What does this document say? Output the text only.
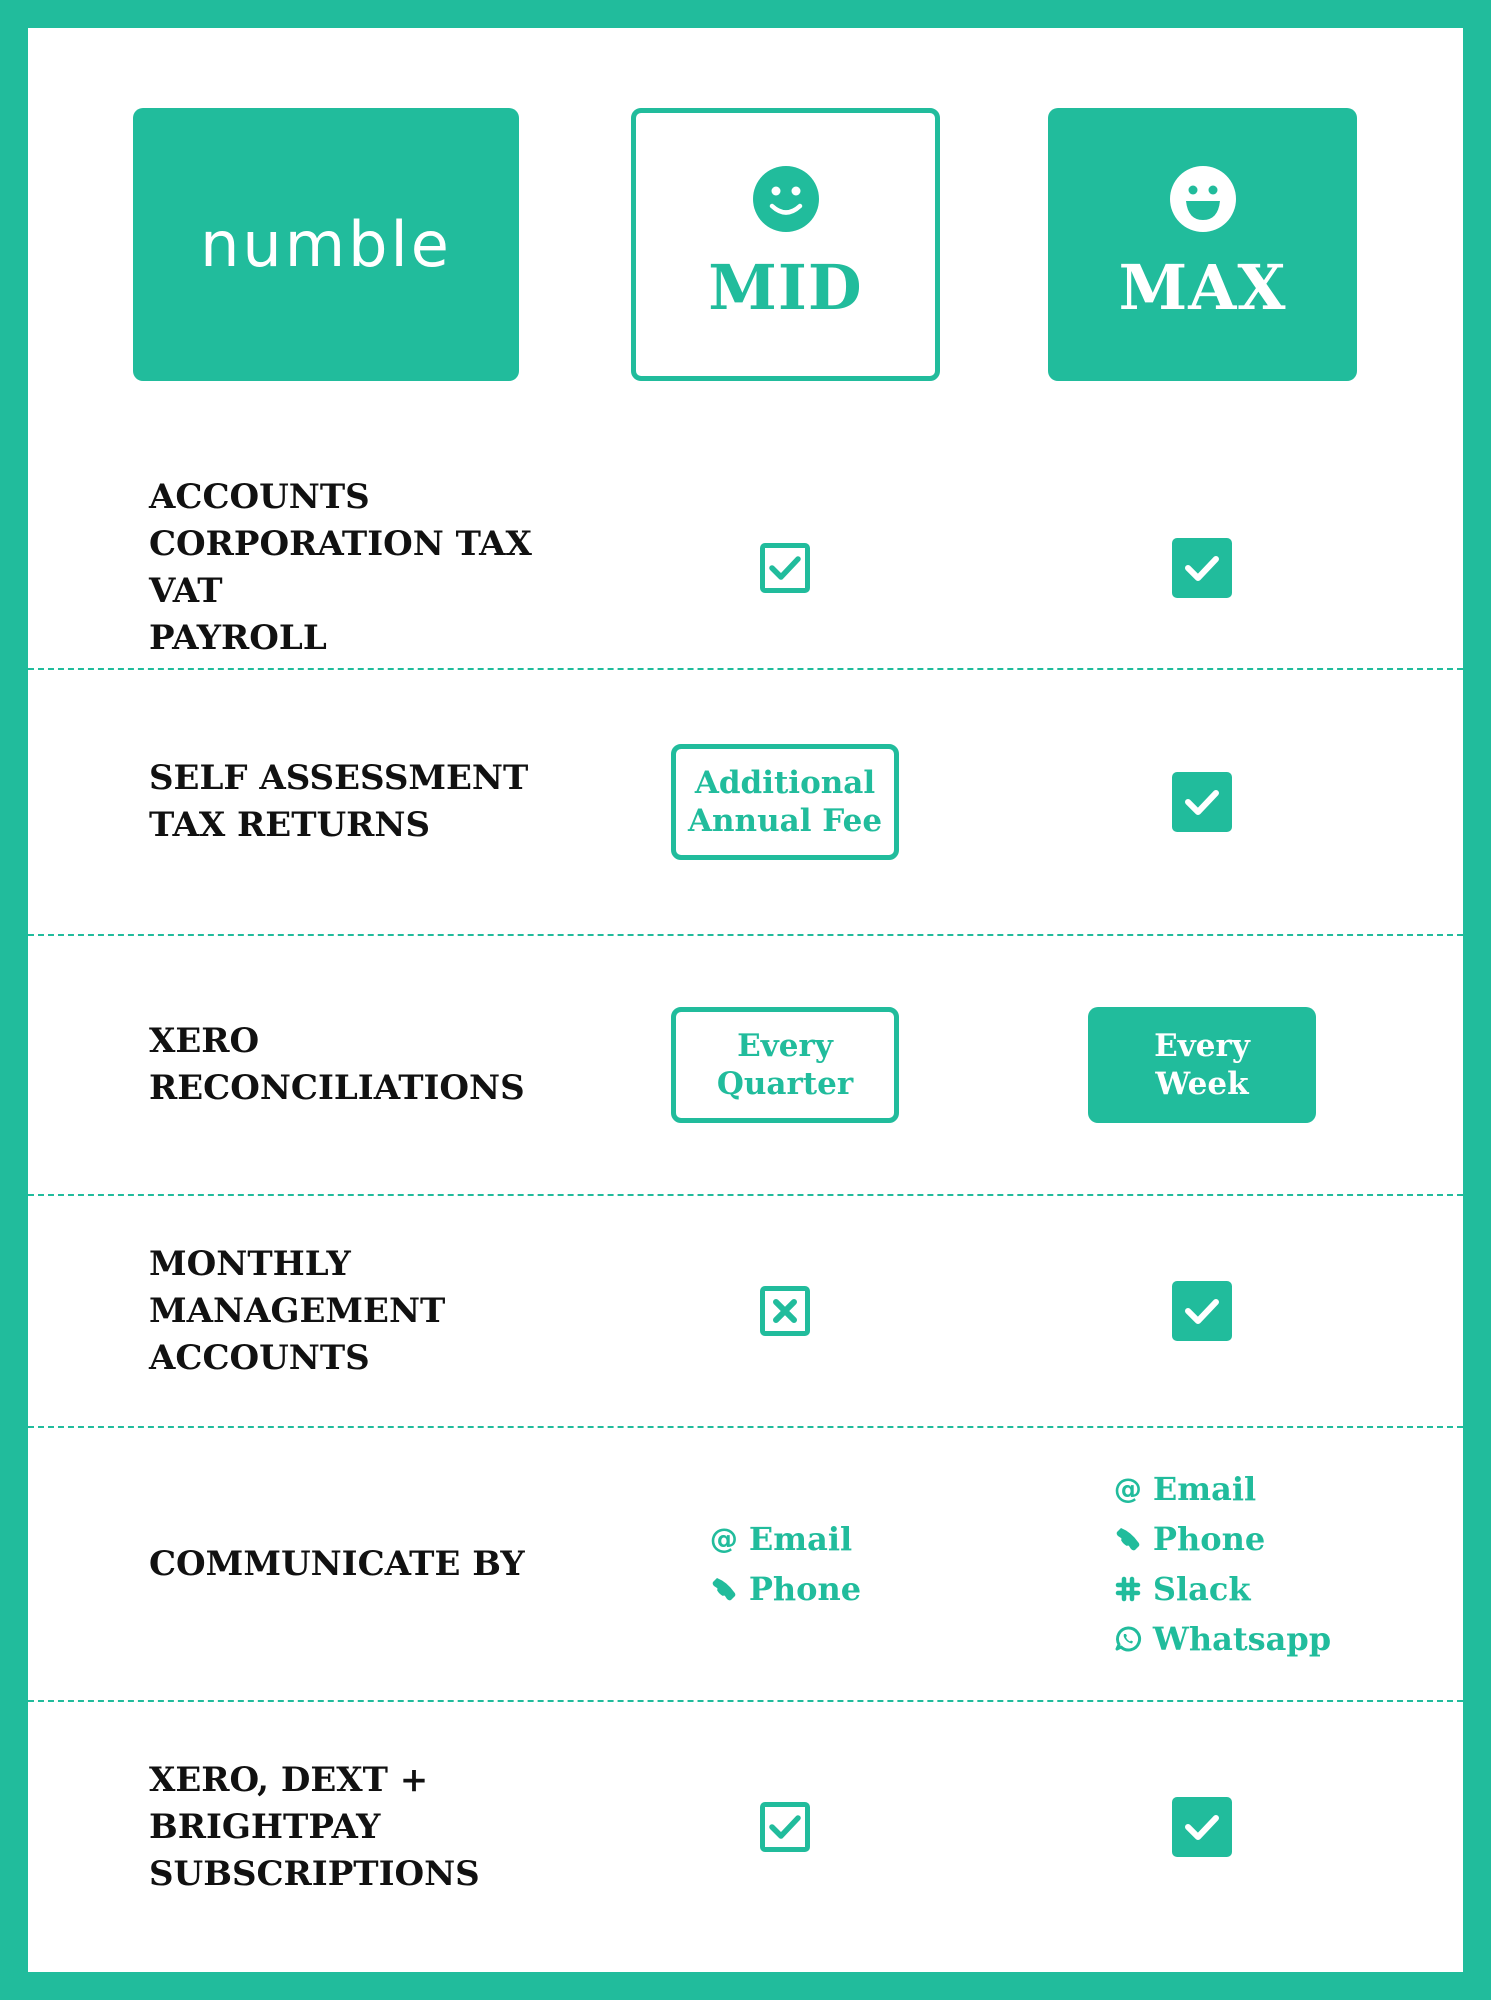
numble
MID	MAX
ACCOUNTS
CORPORATION TAX
VAT
PAYROLL
SELF ASSESSMENT
TAX RETURNS
Additional
Annual Fee
XERO
RECONCILIATIONS
Every
Quarter
Every
Week
MONTHLY
MANAGEMENT
ACCOUNTS
COMMUNICATE BY
@ Email
Phone
@ Email
Phone
Slack
Whatsapp
XERO, DEXT +
BRIGHTPAY
SUBSCRIPTIONS
